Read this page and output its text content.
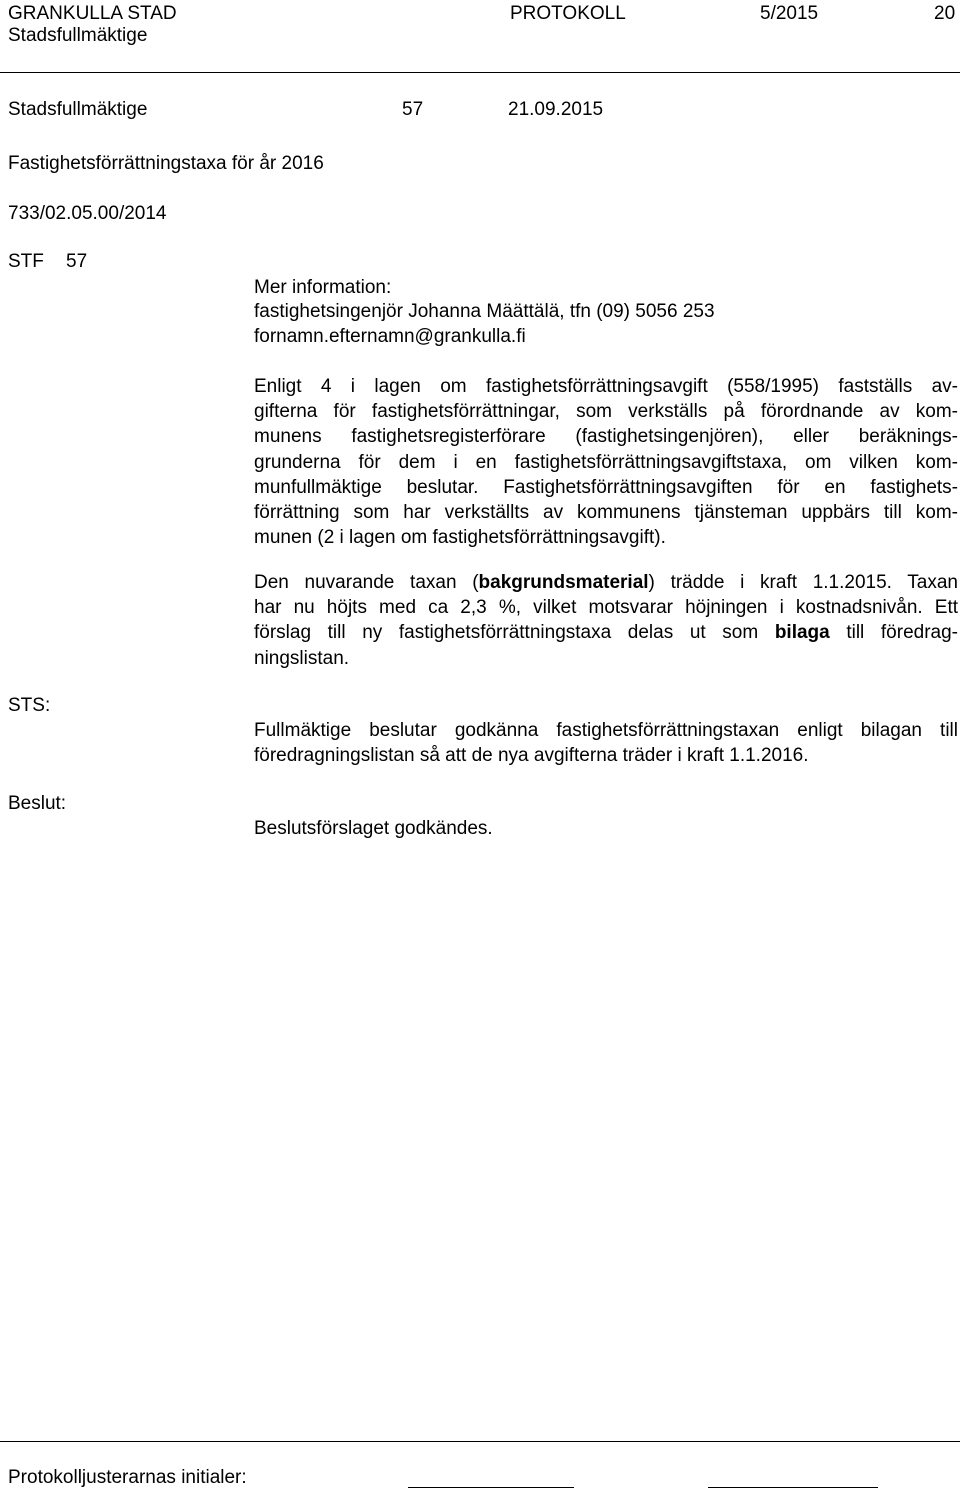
GRANKULLA STAD
Stadsfullmäktige
PROTOKOLL	5/2015	20
Stadsfullmäktige	57	21.09.2015
Fastighetsförrättningstaxa för år 2016
733/02.05.00/2014
STF 57
Mer information:
fastighetsingenjör Johanna Määttälä, tfn (09) 5056 253
fornamn.efternamn@grankulla.fi
Enligt 4 i lagen om fastighetsförrättningsavgift (558/1995) fastställs av-
gifterna för fastighetsförrättningar, som verkställs på förordnande av kom-
munens fastighetsregisterförare (fastighetsingenjören), eller beräknings-
grunderna för dem i en fastighetsförrättningsavgiftstaxa, om vilken kom-
munfullmäktige beslutar. Fastighetsförrättningsavgiften för en fastighets-
förrättning som har verkställts av kommunens tjänsteman uppbärs till kom-
munen (2 i lagen om fastighetsförrättningsavgift).
Den nuvarande taxan (bakgrundsmaterial) trädde i kraft 1.1.2015. Taxan
har nu höjts med ca 2,3 %, vilket motsvarar höjningen i kostnadsnivån. Ett
förslag till ny fastighetsförrättningstaxa delas ut som bilaga till föredrag-
ningslistan.
STS:
Fullmäktige beslutar godkänna fastighetsförrättningstaxan enligt bilagan till
föredragningslistan så att de nya avgifterna träder i kraft 1.1.2016.
Beslut:
Beslutsförslaget godkändes.
Protokolljusterarnas initialer:
